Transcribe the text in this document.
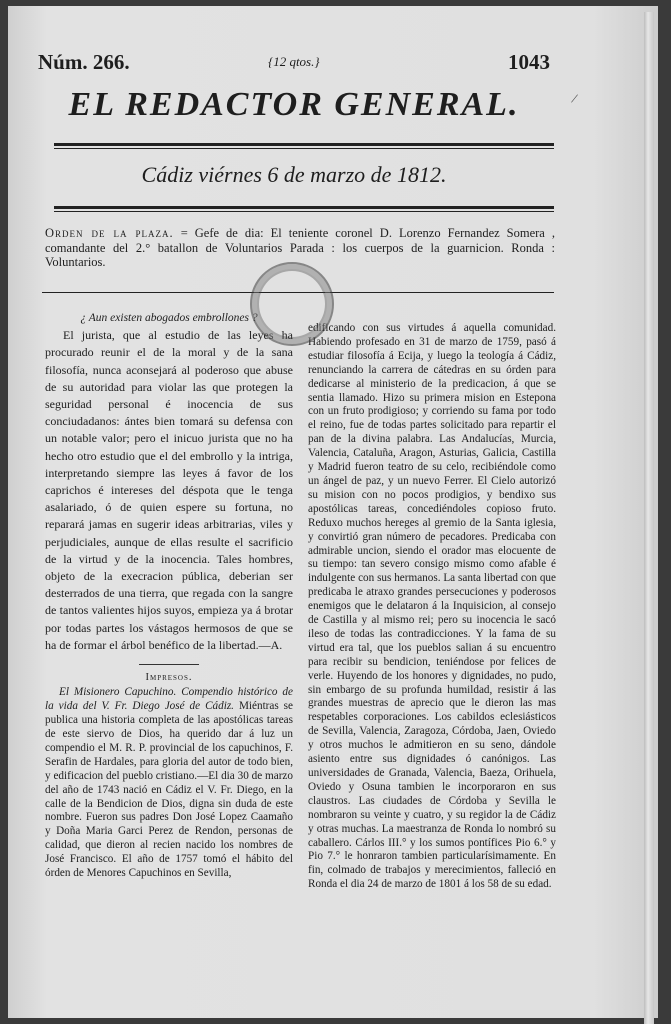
Núm. 266.	{12 qtos.}	1043
EL REDACTOR GENERAL.
Cádiz viérnes 6 de marzo de 1812.
Orden de la plaza. = Gefe de dia: El teniente coronel D. Lorenzo Fernandez Somera , comandante del 2.° batallon de Voluntarios Parada : los cuerpos de la guarnicion. Ronda : Voluntarios.

¿ Aun existen abogados embrollones ?

El jurista, que al estudio de las leyes ha procurado reunir el de la moral y de la sana filosofía, nunca aconsejará al poderoso que abuse de su autoridad para violar las que protegen la seguridad personal é inocencia de sus conciudadanos: ántes bien tomará su defensa con un notable valor; pero el inicuo jurista que no ha hecho otro estudio que el del embrollo y la intriga, interpretando siempre las leyes á favor de los caprichos é intereses del déspota que le tenga asalariado, ó de quien espere su fortuna, no reparará jamas en sugerir ideas arbitrarias, viles y perjudiciales, aunque de ellas resulte el sacrificio de la virtud y de la inocencia. Tales hombres, objeto de la execracion pública, deberian ser desterrados de una tierra, que regada con la sangre de tantos valientes hijos suyos, empieza ya á brotar por todas partes los vástagos hermosos de que se ha de formar el árbol benéfico de la libertad.—A.

Impresos.

El Misionero Capuchino. Compendio histórico de la vida del V. Fr. Diego José de Cádiz. Miéntras se publica una historia completa de las apostólicas tareas de este siervo de Dios, ha querido dar á luz un compendio el M. R. P. provincial de los capuchinos, F. Serafin de Hardales, para gloria del autor de todo bien, y edificacion del pueblo cristiano.—El dia 30 de marzo del año de 1743 nació en Cádiz el V. Fr. Diego, en la calle de la Bendicion de Dios, digna sin duda de este nombre. Fueron sus padres Don José Lopez Caamaño y Doña Maria Garci Perez de Rendon, personas de calidad, que dieron al recien nacido los nombres de José Francisco. El año de 1757 tomó el hábito del órden de Menores Capuchinos en Sevilla,

edificando con sus virtudes á aquella comunidad. Habiendo profesado en 31 de marzo de 1759, pasó á estudiar filosofía á Ecija, y luego la teología á Cádiz, renunciando la carrera de cátedras en su órden para dedicarse al ministerio de la predicacion, á que se sentia llamado. Hizo su primera mision en Estepona con un fruto prodigioso; y corriendo su fama por todo el reino, fue de todas partes solicitado para repartir el pan de la divina palabra. Las Andalucías, Murcia, Valencia, Cataluña, Aragon, Asturias, Galicia, Castilla y Madrid fueron teatro de su celo, recibiéndole como un ángel de paz, y un nuevo Ferrer. El Cielo autorizó su mision con no pocos prodigios, y bendixo sus apostólicas tareas, concediéndoles copioso fruto. Reduxo muchos hereges al gremio de la Santa iglesia, y convirtió gran número de pecadores. Predicaba con admirable uncion, siendo el orador mas elocuente de su tiempo: tan severo consigo mismo como afable é indulgente con sus hermanos. La santa libertad con que predicaba le atraxo grandes persecuciones y poderosos enemigos que le delataron á la Inquisicion, al consejo de Castilla y al mismo rei; pero su inocencia le sacó ileso de todas las contradicciones. Y la fama de su virtud era tal, que los pueblos salian á su encuentro para recibir su bendicion, teniéndose por felices de verle. Huyendo de los honores y dignidades, no pudo, sin embargo de su profunda humildad, resistir á las grandes muestras de aprecio que le dieron las mas respetables corporaciones. Los cabildos eclesiásticos de Sevilla, Valencia, Zaragoza, Córdoba, Jaen, Oviedo y otros muchos le admitieron en su seno, dándole asiento entre sus dignidades ó canónigos. Las universidades de Granada, Valencia, Baeza, Orihuela, Oviedo y Osuna tambien le incorporaron en sus claustros. Las ciudades de Córdoba y Sevilla le nombraron su veinte y cuatro, y su regidor la de Cádiz y otras muchas. La maestranza de Ronda lo nombró su caballero. Cárlos III.° y los sumos pontífices Pio 6.° y Pio 7.° le honraron tambien particularísimamente. En fin, colmado de trabajos y merecimientos, falleció en Ronda el dia 24 de marzo de 1801 á los 58 de su edad.

/
